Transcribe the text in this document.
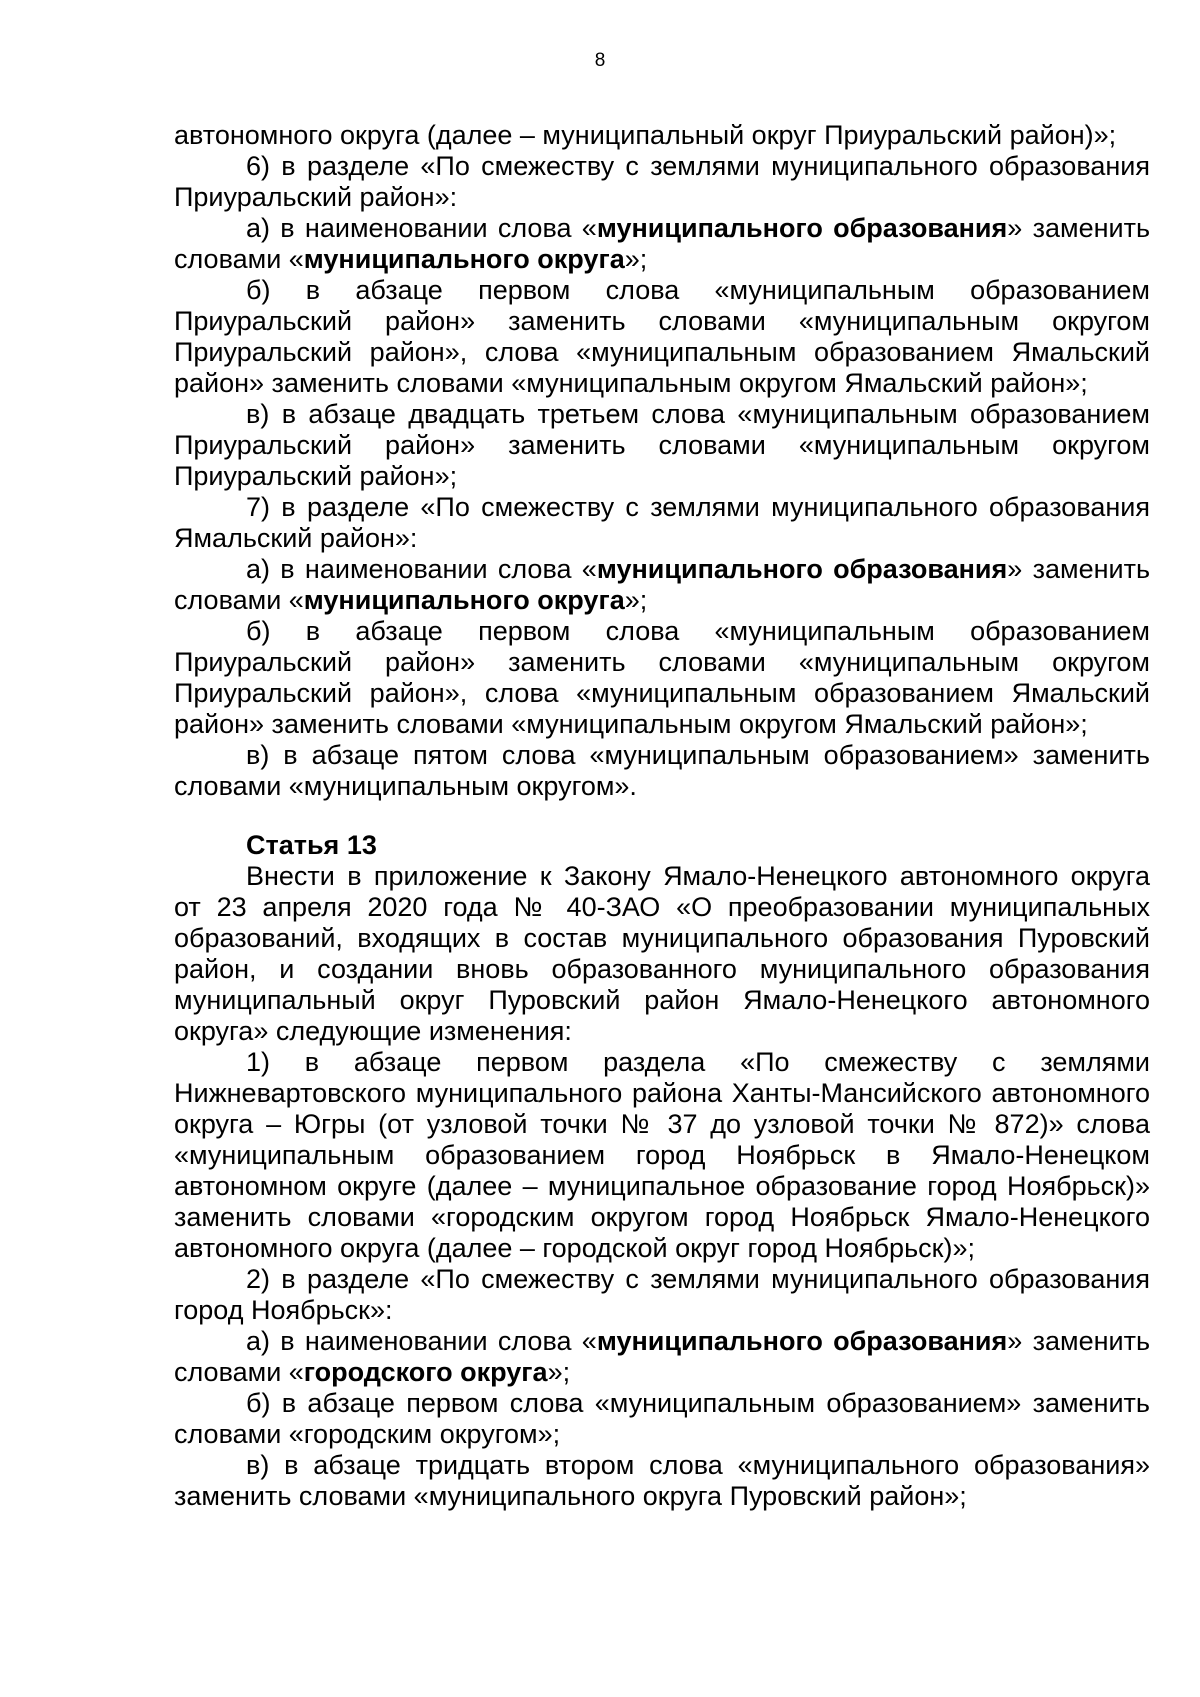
8

автономного округа (далее – муниципальный округ Приуральский район)»;

6) в разделе «По смежеству с землями муниципального образования Приуральский район»:

а) в наименовании слова «муниципального образования» заменить словами «муниципального округа»;

б) в абзаце первом слова «муниципальным образованием Приуральский район» заменить словами «муниципальным округом Приуральский район», слова «муниципальным образованием Ямальский район» заменить словами «муниципальным округом Ямальский район»;

в) в абзаце двадцать третьем слова «муниципальным образованием Приуральский район» заменить словами «муниципальным округом Приуральский район»;

7) в разделе «По смежеству с землями муниципального образования Ямальский район»:

а) в наименовании слова «муниципального образования» заменить словами «муниципального округа»;

б) в абзаце первом слова «муниципальным образованием Приуральский район» заменить словами «муниципальным округом Приуральский район», слова «муниципальным образованием Ямальский район» заменить словами «муниципальным округом Ямальский район»;

в) в абзаце пятом слова «муниципальным образованием» заменить словами «муниципальным округом».

Статья 13

Внести в приложение к Закону Ямало-Ненецкого автономного округа от 23 апреля 2020 года № 40-ЗАО «О преобразовании муниципальных образований, входящих в состав муниципального образования Пуровский район, и создании вновь образованного муниципального образования муниципальный округ Пуровский район Ямало-Ненецкого автономного округа» следующие изменения:

1) в абзаце первом раздела «По смежеству с землями Нижневартовского муниципального района Ханты-Мансийского автономного округа – Югры (от узловой точки № 37 до узловой точки № 872)» слова «муниципальным образованием город Ноябрьск в Ямало-Ненецком автономном округе (далее – муниципальное образование город Ноябрьск)» заменить словами «городским округом город Ноябрьск Ямало-Ненецкого автономного округа (далее – городской округ город Ноябрьск)»;

2) в разделе «По смежеству с землями муниципального образования город Ноябрьск»:

а) в наименовании слова «муниципального образования» заменить словами «городского округа»;

б) в абзаце первом слова «муниципальным образованием» заменить словами «городским округом»;

в) в абзаце тридцать втором слова «муниципального образования» заменить словами «муниципального округа Пуровский район»;
